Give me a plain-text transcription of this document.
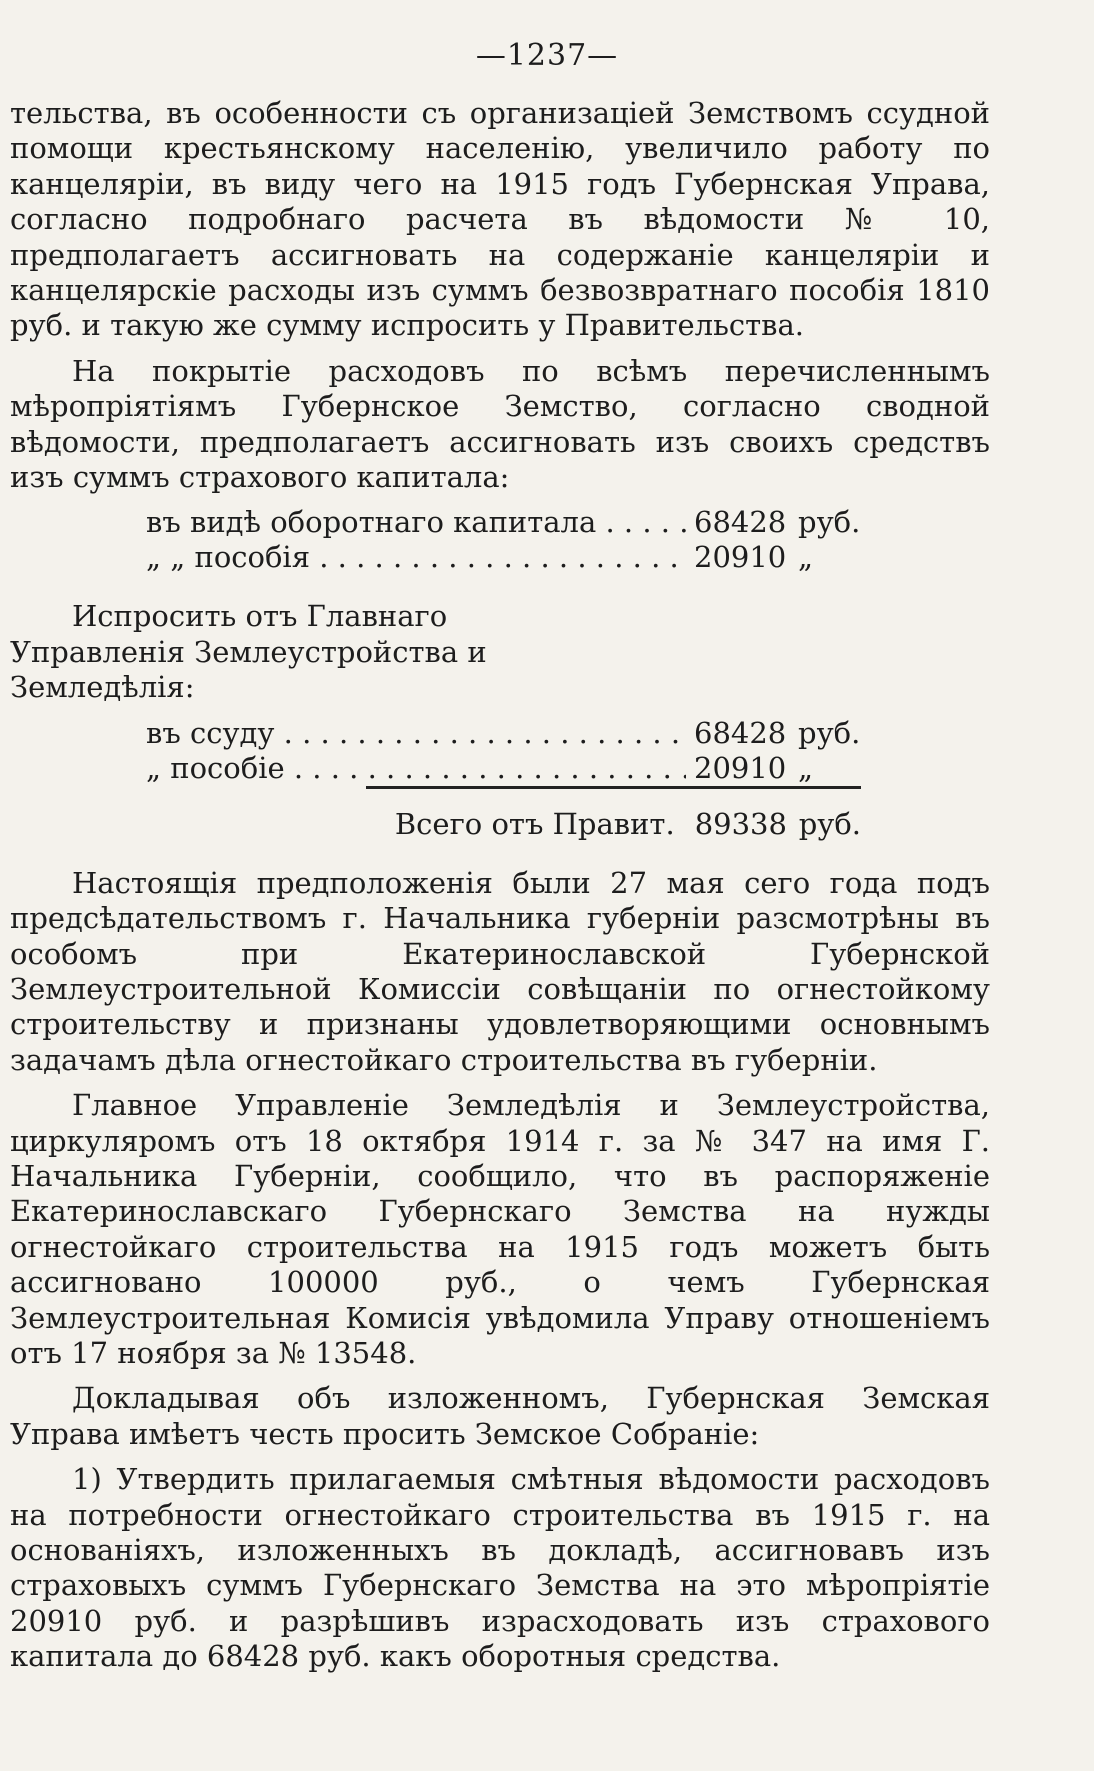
—1237—

тельства, въ особенности съ организаціей Земствомъ ссудной помощи крестьянскому населенію, увеличило работу по канцеляріи, въ виду чего на 1915 годъ Губернская Управа, согласно подробнаго расчета въ вѣдомости № 10, предполагаетъ ассигновать на содержаніе канцеляріи и канцелярскіе расходы изъ суммъ безвозвратнаго пособія 1810 руб. и такую же сумму испросить у Правительства.

На покрытіе расходовъ по всѣмъ перечисленнымъ мѣропріятіямъ Губернское Земство, согласно сводной вѣдомости, предполагаетъ ассигновать изъ своихъ средствъ изъ суммъ страхового капитала:

въ видѣ оборотнаго капитала . . .	68428 руб.
„ „ пособія . . .	20910 „

Испросить отъ Главнаго Управленія Землеустройства и Земледѣлія:

въ ссуду . . .	68428 руб.
„ пособіе . . .	20910 „
Всего отъ Правит. 89338 руб.

Настоящія предположенія были 27 мая сего года подъ предсѣдательствомъ г. Начальника губерніи разсмотрѣны въ особомъ при Екатеринославской Губернской Землеустроительной Комиссіи совѣщаніи по огнестойкому строительству и признаны удовлетворяющими основнымъ задачамъ дѣла огнестойкаго строительства въ губерніи.

Главное Управленіе Земледѣлія и Землеустройства, циркуляромъ отъ 18 октября 1914 г. за № 347 на имя Г. Начальника Губерніи, сообщило, что въ распоряженіе Екатеринославскаго Губернскаго Земства на нужды огнестойкаго строительства на 1915 годъ можетъ быть ассигновано 100000 руб., о чемъ Губернская Землеустроительная Комисія увѣдомила Управу отношеніемъ отъ 17 ноября за № 13548.

Докладывая объ изложенномъ, Губернская Земская Управа имѣетъ честь просить Земское Собраніе:

1) Утвердить прилагаемыя смѣтныя вѣдомости расходовъ на потребности огнестойкаго строительства въ 1915 г. на основаніяхъ, изложенныхъ въ докладѣ, ассигновавъ изъ страховыхъ суммъ Губернскаго Земства на это мѣропріятіе 20910 руб. и разрѣшивъ израсходовать изъ страхового капитала до 68428 руб. какъ оборотныя средства.
